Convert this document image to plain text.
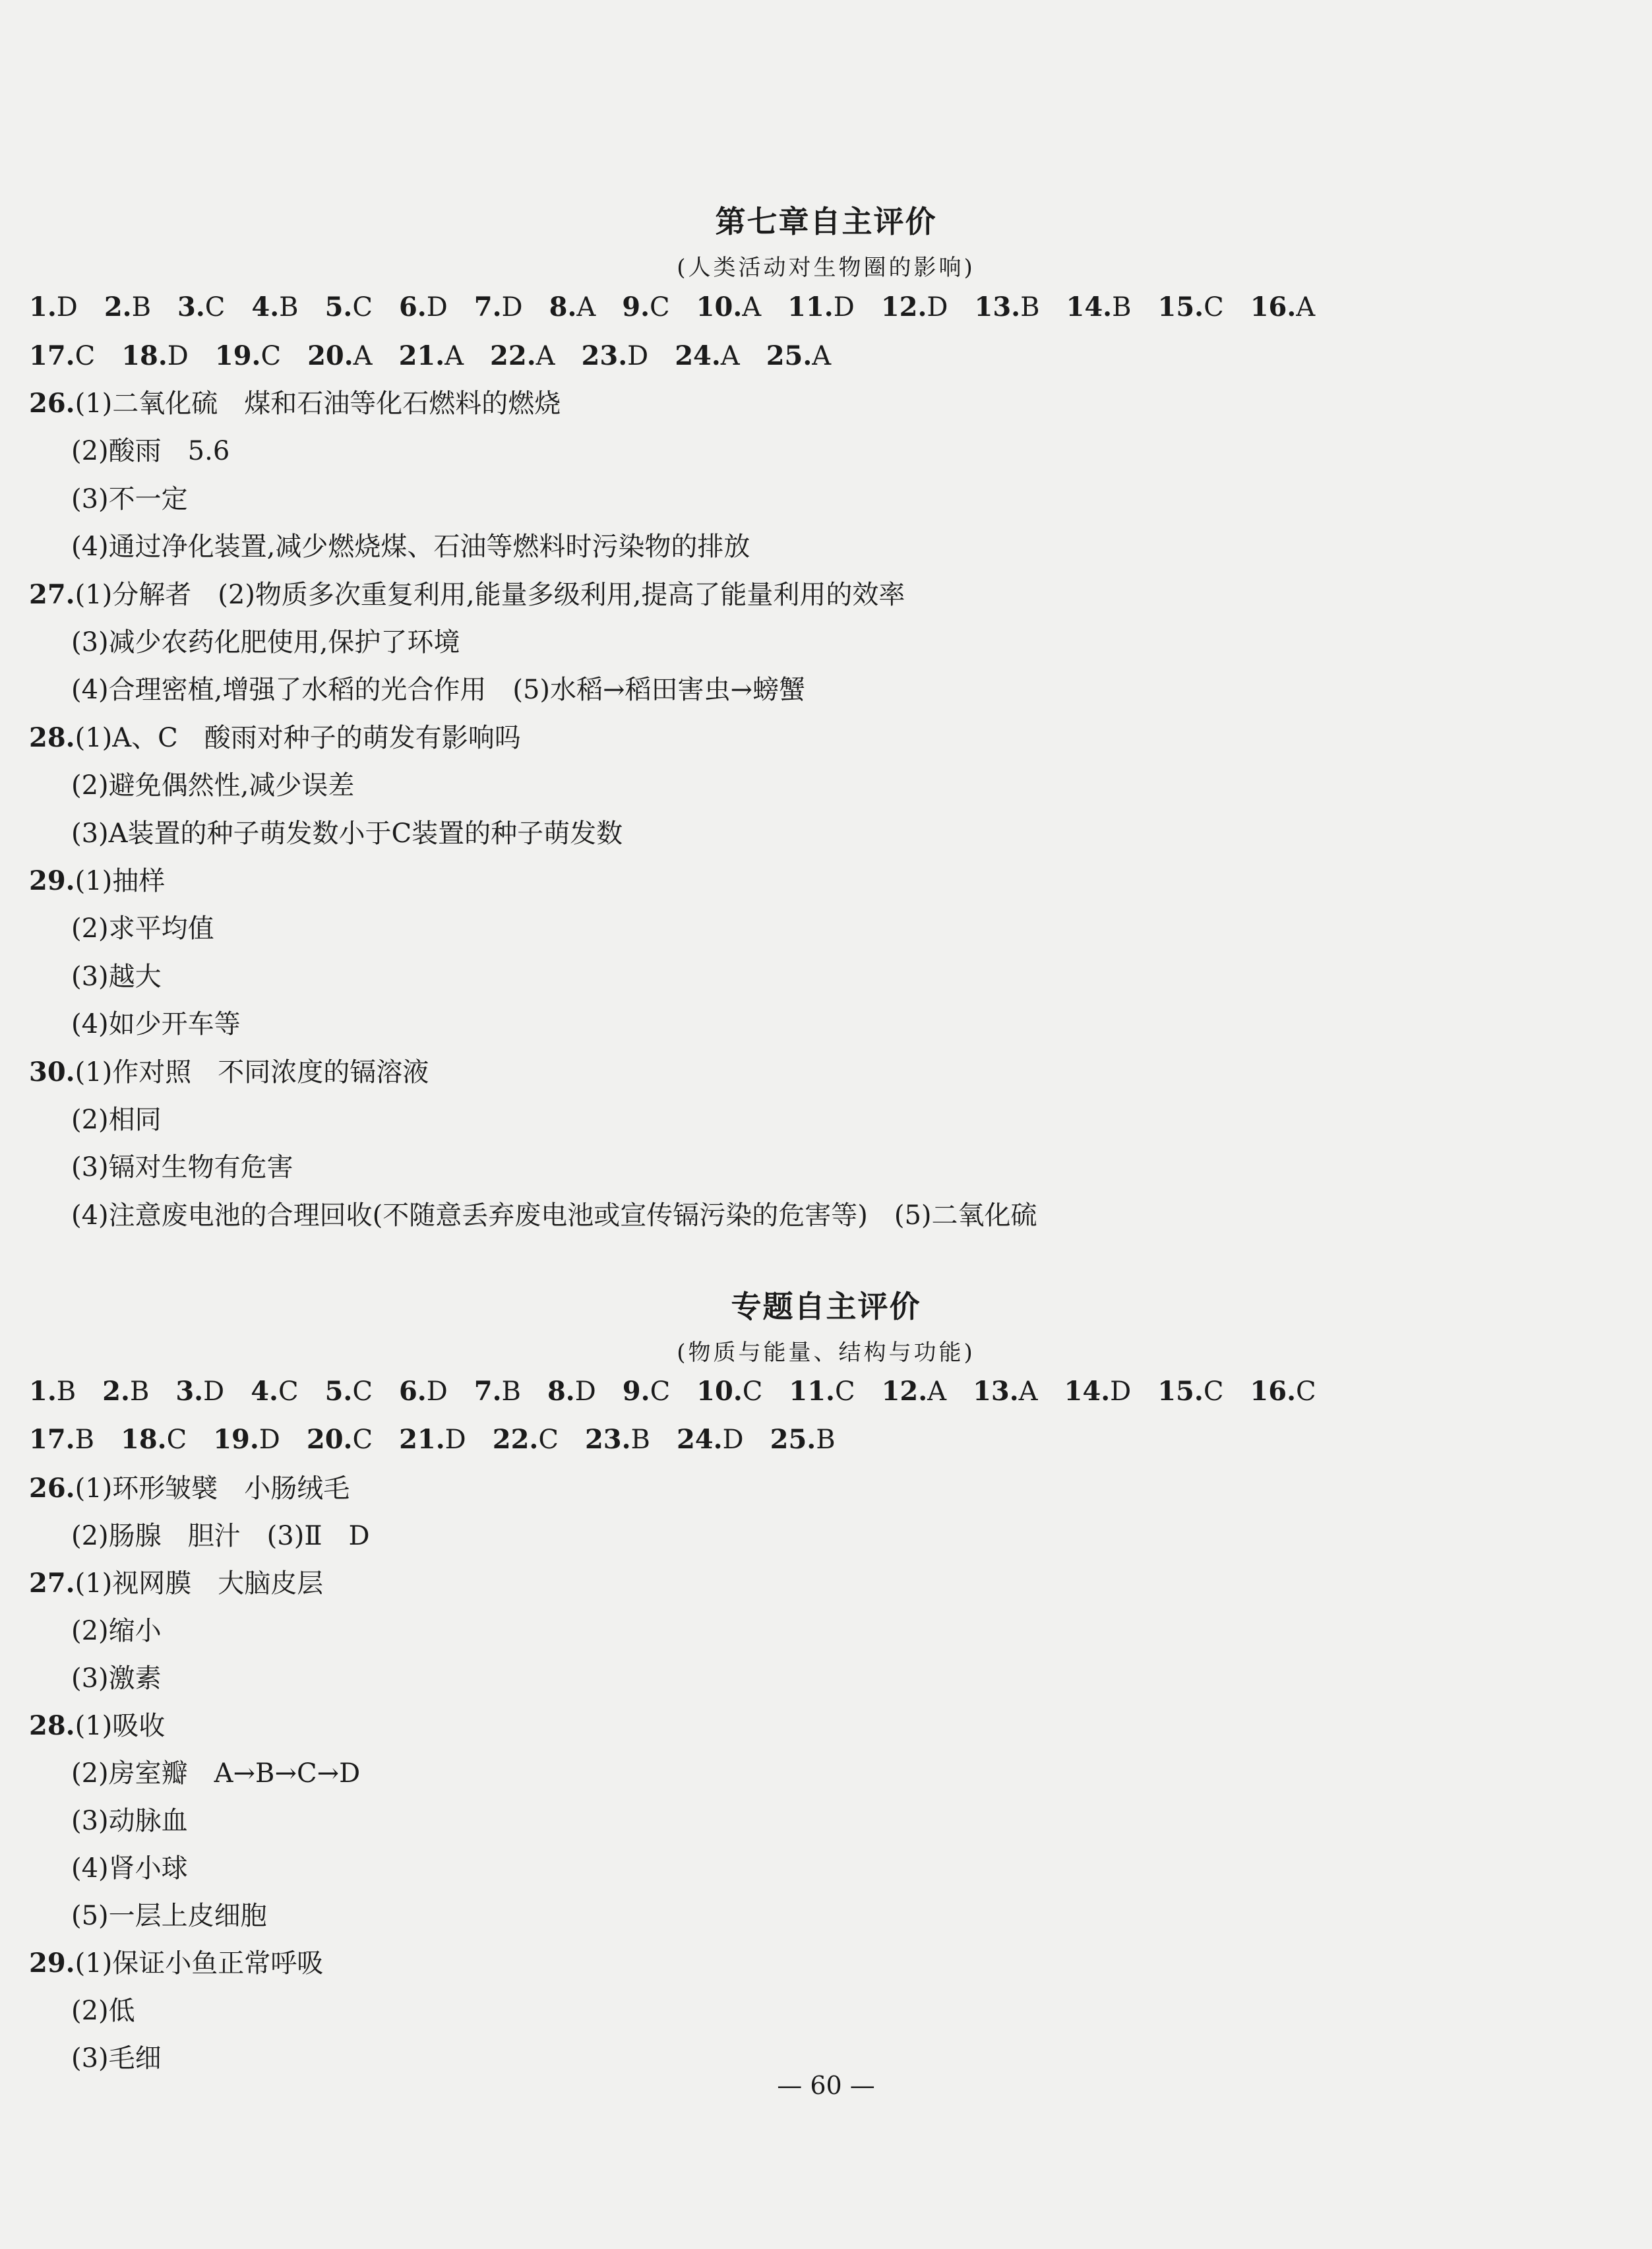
第七章自主评价
(人类活动对生物圈的影响)
1.D 2.B 3.C 4.B 5.C 6.D 7.D 8.A 9.C 10.A 11.D 12.D 13.B 14.B 15.C 16.A
17.C 18.D 19.C 20.A 21.A 22.A 23.D 24.A 25.A
26.(1)二氧化硫　煤和石油等化石燃料的燃烧
(2)酸雨　5.6
(3)不一定
(4)通过净化装置,减少燃烧煤、石油等燃料时污染物的排放
27.(1)分解者　(2)物质多次重复利用,能量多级利用,提高了能量利用的效率
(3)减少农药化肥使用,保护了环境
(4)合理密植,增强了水稻的光合作用　(5)水稻→稻田害虫→螃蟹
28.(1)A、C　酸雨对种子的萌发有影响吗
(2)避免偶然性,减少误差
(3)A装置的种子萌发数小于C装置的种子萌发数
29.(1)抽样
(2)求平均值
(3)越大
(4)如少开车等
30.(1)作对照　不同浓度的镉溶液
(2)相同
(3)镉对生物有危害
(4)注意废电池的合理回收(不随意丢弃废电池或宣传镉污染的危害等)　(5)二氧化硫
专题自主评价
(物质与能量、结构与功能)
1.B 2.B 3.D 4.C 5.C 6.D 7.B 8.D 9.C 10.C 11.C 12.A 13.A 14.D 15.C 16.C
17.B 18.C 19.D 20.C 21.D 22.C 23.B 24.D 25.B
26.(1)环形皱襞　小肠绒毛
(2)肠腺　胆汁　(3)Ⅱ　D
27.(1)视网膜　大脑皮层
(2)缩小
(3)激素
28.(1)吸收
(2)房室瓣　A→B→C→D
(3)动脉血
(4)肾小球
(5)一层上皮细胞
29.(1)保证小鱼正常呼吸
(2)低
(3)毛细
— 60 —
